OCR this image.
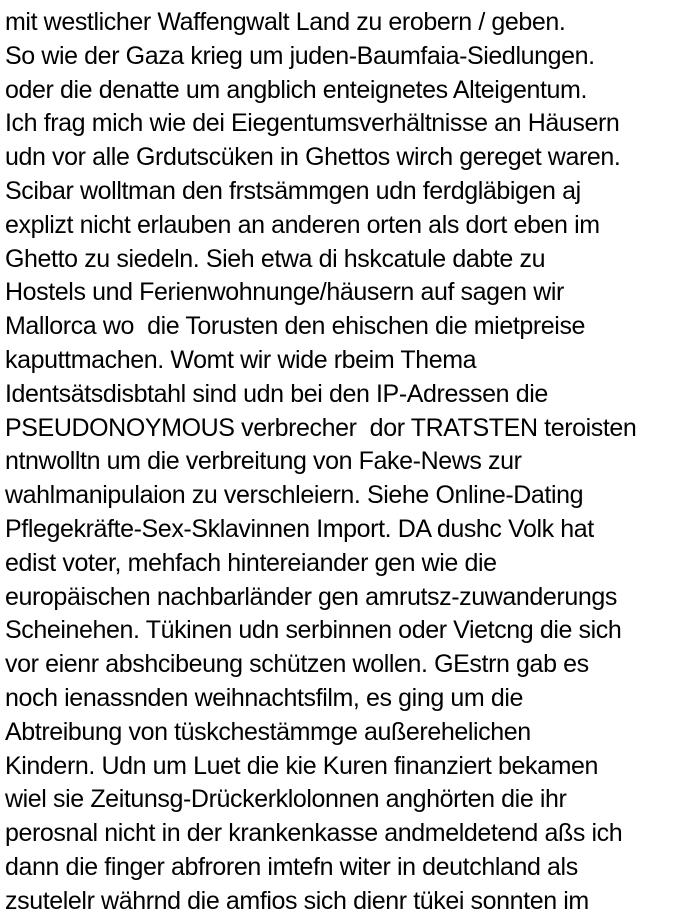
mit westlicher Waffengwalt Land zu erobern / geben.
So wie der Gaza krieg um juden-Baumfaia-Siedlungen.
oder die denatte um angblich enteignetes Alteigentum.
Ich frag mich wie dei Eiegentumsverhältnisse an Häusern
udn vor alle Grdutscüken in Ghettos wirch gereget waren.
Scibar wolltman den frstsämmgen udn ferdgläbigen aj
explizt nicht erlauben an anderen orten als dort eben im
Ghetto zu siedeln. Sieh etwa di hskcatule dabte zu
Hostels und Ferienwohnunge/häusern auf sagen wir
Mallorca wo  die Torusten den ehischen die mietpreise
kaputtmachen. Womt wir wide rbeim Thema
Identsätsdisbtahl sind udn bei den IP-Adressen die
PSEUDONOYMOUS verbrecher  dor TRATSTEN teroisten
ntnwolltn um die verbreitung von Fake-News zur
wahlmanipulaion zu verschleiern. Siehe Online-Dating
Pflegekräfte-Sex-Sklavinnen Import. DA dushc Volk hat
edist voter, mehfach hintereiander gen wie die
europäischen nachbarländer gen amrutsz-zuwanderungs
Scheinehen. Tükinen udn serbinnen oder Vietcng die sich
vor eienr abshcibeung schützen wollen. GEstrn gab es
noch ienassnden weihnachtsfilm, es ging um die
Abtreibung von tüskchestämmge außerehelichen
Kindern. Udn um Luet die kie Kuren finanziert bekamen
wiel sie Zeitunsg-Drückerklolonnen anghörten die ihr
perosnal nicht in der krankenkasse andmeldetend aßs ich
dann die finger abfroren imtefn witer in deutchland als
zsutelelr währnd die amfios sich dienr tükei sonnten im
